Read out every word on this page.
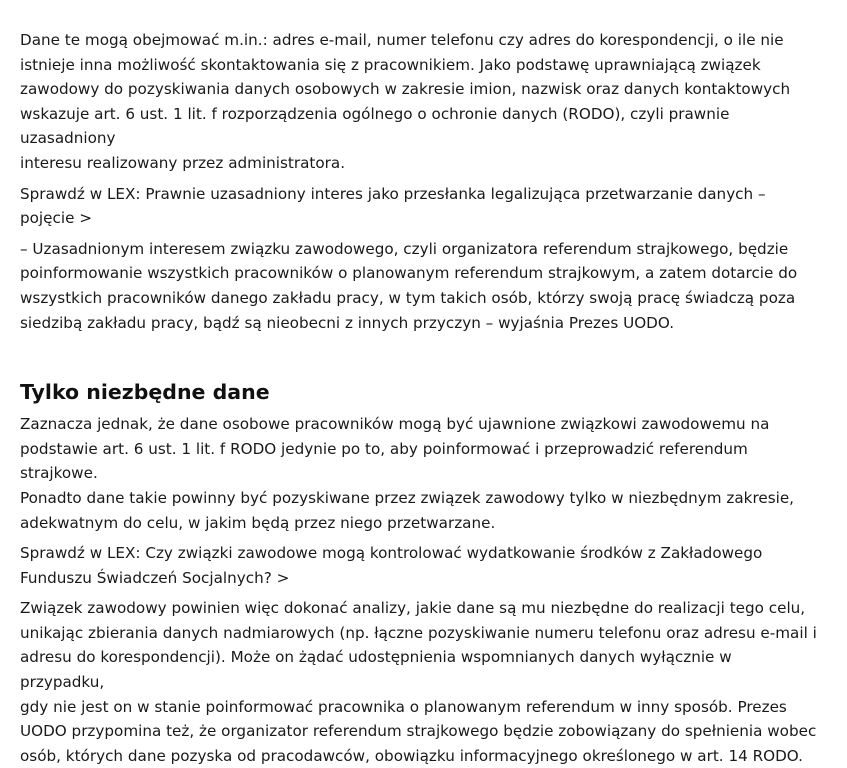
Dane te mogą obejmować m.in.: adres e-mail, numer telefonu czy adres do korespondencji, o ile nie
istnieje inna możliwość skontaktowania się z pracownikiem. Jako podstawę uprawniającą związek
zawodowy do pozyskiwania danych osobowych w zakresie imion, nazwisk oraz danych kontaktowych
wskazuje art. 6 ust. 1 lit. f rozporządzenia ogólnego o ochronie danych (RODO), czyli prawnie uzasadniony
interesu realizowany przez administratora.

Sprawdź w LEX: Prawnie uzasadniony interes jako przesłanka legalizująca przetwarzanie danych – pojęcie >

– Uzasadnionym interesem związku zawodowego, czyli organizatora referendum strajkowego, będzie
poinformowanie wszystkich pracowników o planowanym referendum strajkowym, a zatem dotarcie do
wszystkich pracowników danego zakładu pracy, w tym takich osób, którzy swoją pracę świadczą poza
siedzibą zakładu pracy, bądź są nieobecni z innych przyczyn – wyjaśnia Prezes UODO.

Tylko niezbędne dane

Zaznacza jednak, że dane osobowe pracowników mogą być ujawnione związkowi zawodowemu na
podstawie art. 6 ust. 1 lit. f RODO jedynie po to, aby poinformować i przeprowadzić referendum strajkowe.
Ponadto dane takie powinny być pozyskiwane przez związek zawodowy tylko w niezbędnym zakresie,
adekwatnym do celu, w jakim będą przez niego przetwarzane.

Sprawdź w LEX: Czy związki zawodowe mogą kontrolować wydatkowanie środków z Zakładowego
Funduszu Świadczeń Socjalnych? >

Związek zawodowy powinien więc dokonać analizy, jakie dane są mu niezbędne do realizacji tego celu,
unikając zbierania danych nadmiarowych (np. łączne pozyskiwanie numeru telefonu oraz adresu e-mail i
adresu do korespondencji). Może on żądać udostępnienia wspomnianych danych wyłącznie w przypadku,
gdy nie jest on w stanie poinformować pracownika o planowanym referendum w inny sposób. Prezes
UODO przypomina też, że organizator referendum strajkowego będzie zobowiązany do spełnienia wobec
osób, których dane pozyska od pracodawców, obowiązku informacyjnego określonego w art. 14 RODO.
